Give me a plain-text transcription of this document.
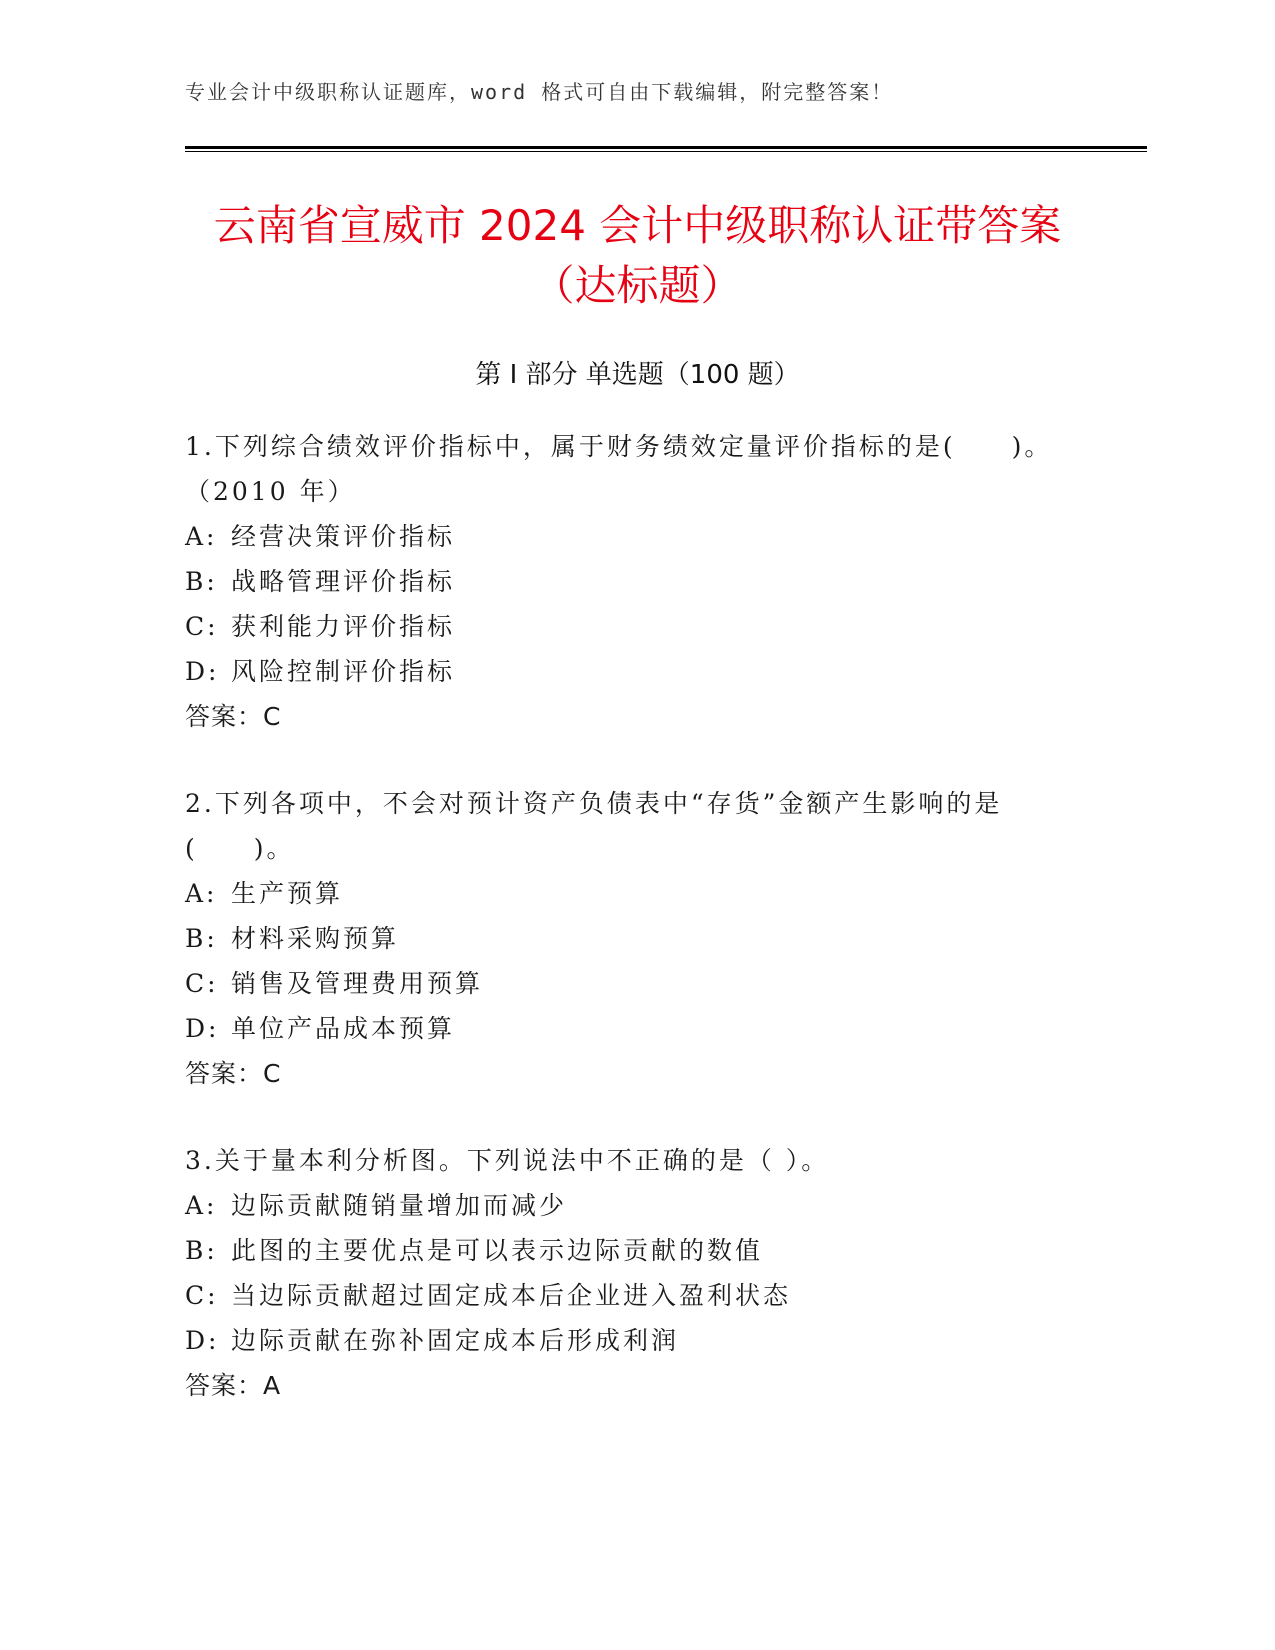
专业会计中级职称认证题库，word 格式可自由下载编辑，附完整答案！
云南省宣威市 2024 会计中级职称认证带答案
（达标题）
第 I 部分 单选题（100 题）
1.下列综合绩效评价指标中，属于财务绩效定量评价指标的是(　　)。（2010 年）
A: 经营决策评价指标
B: 战略管理评价指标
C: 获利能力评价指标
D: 风险控制评价指标
答案：C
2.下列各项中，不会对预计资产负债表中“存货”金额产生影响的是(　　)。
A: 生产预算
B: 材料采购预算
C: 销售及管理费用预算
D: 单位产品成本预算
答案：C
3.关于量本利分析图。下列说法中不正确的是（ ）。
A: 边际贡献随销量增加而减少
B: 此图的主要优点是可以表示边际贡献的数值
C: 当边际贡献超过固定成本后企业进入盈利状态
D: 边际贡献在弥补固定成本后形成利润
答案：A
